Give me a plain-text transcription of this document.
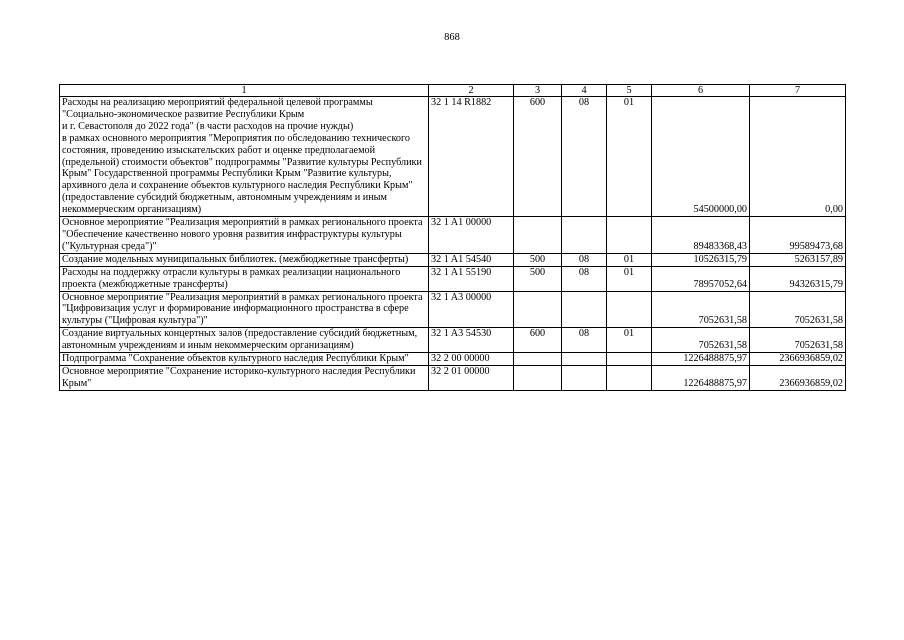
868
1	2	3	4	5	6	7
Расходы на реализацию мероприятий федеральной целевой программы "Социально-экономическое развитие Республики Крым
и г. Севастополя до 2022 года" (в части расходов на прочие нужды)
в рамках основного мероприятия "Мероприятия по обследованию технического состояния, проведению изыскательских работ и оценке предполагаемой (предельной) стоимости объектов" подпрограммы "Развитие культуры Республики Крым" Государственной программы Республики Крым "Развитие культуры, архивного дела и сохранение объектов культурного наследия Республики Крым" (предоставление субсидий бюджетным, автономным учреждениям и иным некоммерческим организациям)	32 1 14 R1882	600	08	01	54500000,00	0,00
Основное мероприятие "Реализация мероприятий в рамках регионального проекта "Обеспечение качественно нового уровня развития инфраструктуры культуры ("Культурная среда")"	32 1 A1 00000				89483368,43	99589473,68
Создание модельных муниципальных библиотек. (межбюджетные трансферты)	32 1 A1 54540	500	08	01	10526315,79	5263157,89
Расходы на поддержку отрасли культуры в рамках реализации национального проекта (межбюджетные трансферты)	32 1 A1 55190	500	08	01	78957052,64	94326315,79
Основное мероприятие "Реализация мероприятий в рамках регионального проекта "Цифровизация услуг и формирование информационного пространства в сфере культуры ("Цифровая культура")"	32 1 A3 00000				7052631,58	7052631,58
Создание виртуальных концертных залов (предоставление субсидий бюджетным, автономным учреждениям и иным некоммерческим организациям)	32 1 A3 54530	600	08	01	7052631,58	7052631,58
Подпрограмма "Сохранение объектов культурного наследия Республики Крым"	32 2 00 00000				1226488875,97	2366936859,02
Основное мероприятие "Сохранение историко-культурного наследия Республики Крым"	32 2 01 00000				1226488875,97	2366936859,02
